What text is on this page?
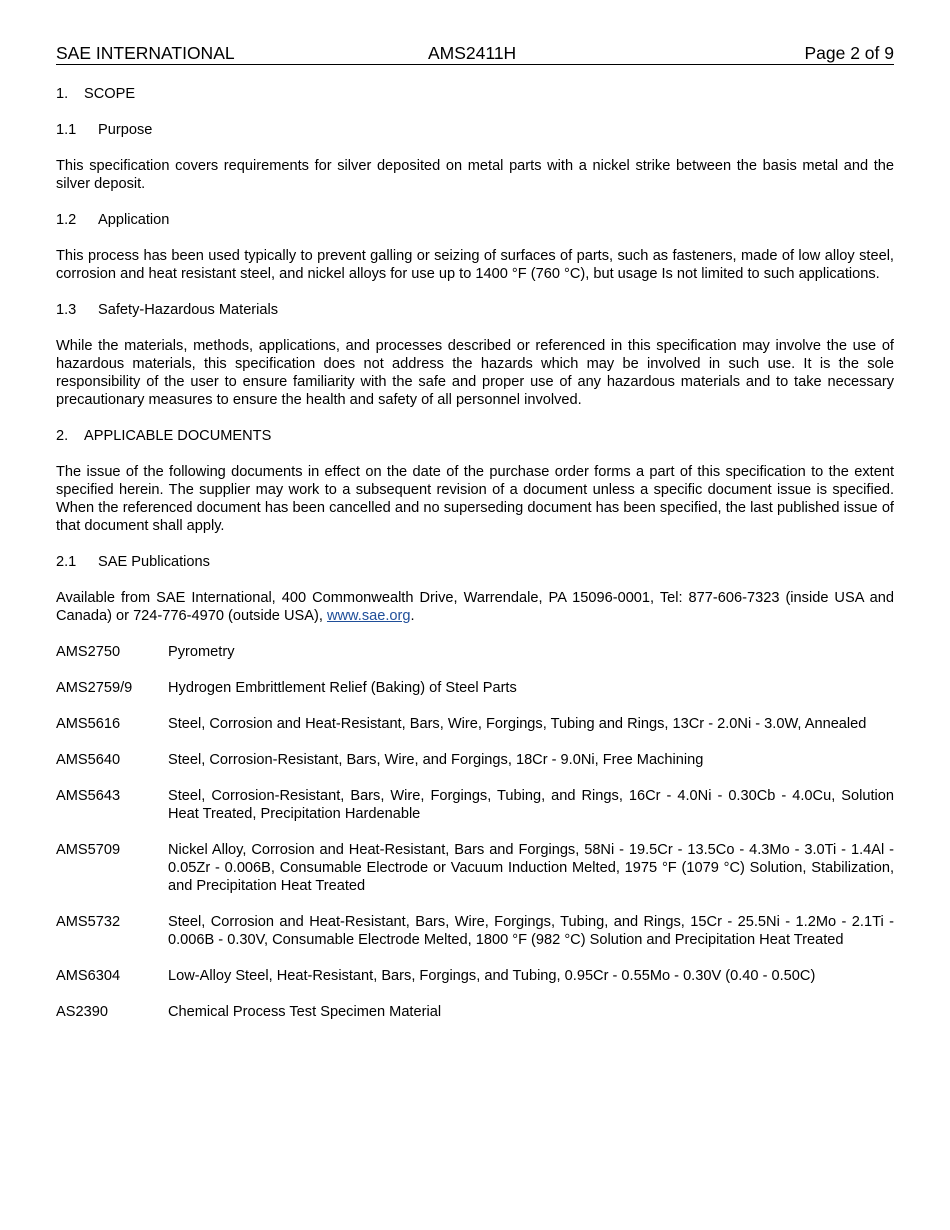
SAE INTERNATIONAL	AMS2411H	Page 2 of 9

1. SCOPE

1.1 Purpose

This specification covers requirements for silver deposited on metal parts with a nickel strike between the basis metal and the silver deposit.

1.2 Application

This process has been used typically to prevent galling or seizing of surfaces of parts, such as fasteners, made of low alloy steel, corrosion and heat resistant steel, and nickel alloys for use up to 1400 °F (760 °C), but usage Is not limited to such applications.

1.3 Safety-Hazardous Materials

While the materials, methods, applications, and processes described or referenced in this specification may involve the use of hazardous materials, this specification does not address the hazards which may be involved in such use. It is the sole responsibility of the user to ensure familiarity with the safe and proper use of any hazardous materials and to take necessary precautionary measures to ensure the health and safety of all personnel involved.

2. APPLICABLE DOCUMENTS

The issue of the following documents in effect on the date of the purchase order forms a part of this specification to the extent specified herein. The supplier may work to a subsequent revision of a document unless a specific document issue is specified. When the referenced document has been cancelled and no superseding document has been specified, the last published issue of that document shall apply.

2.1 SAE Publications

Available from SAE International, 400 Commonwealth Drive, Warrendale, PA 15096-0001, Tel: 877-606-7323 (inside USA and Canada) or 724-776-4970 (outside USA), www.sae.org.

AMS2750	Pyrometry
AMS2759/9	Hydrogen Embrittlement Relief (Baking) of Steel Parts
AMS5616	Steel, Corrosion and Heat-Resistant, Bars, Wire, Forgings, Tubing and Rings, 13Cr - 2.0Ni - 3.0W, Annealed
AMS5640	Steel, Corrosion-Resistant, Bars, Wire, and Forgings, 18Cr - 9.0Ni, Free Machining
AMS5643	Steel, Corrosion-Resistant, Bars, Wire, Forgings, Tubing, and Rings, 16Cr - 4.0Ni - 0.30Cb - 4.0Cu, Solution Heat Treated, Precipitation Hardenable
AMS5709	Nickel Alloy, Corrosion and Heat-Resistant, Bars and Forgings, 58Ni - 19.5Cr - 13.5Co - 4.3Mo - 3.0Ti - 1.4Al - 0.05Zr - 0.006B, Consumable Electrode or Vacuum Induction Melted, 1975 °F (1079 °C) Solution, Stabilization, and Precipitation Heat Treated
AMS5732	Steel, Corrosion and Heat-Resistant, Bars, Wire, Forgings, Tubing, and Rings, 15Cr - 25.5Ni - 1.2Mo - 2.1Ti - 0.006B - 0.30V, Consumable Electrode Melted, 1800 °F (982 °C) Solution and Precipitation Heat Treated
AMS6304	Low-Alloy Steel, Heat-Resistant, Bars, Forgings, and Tubing, 0.95Cr - 0.55Mo - 0.30V (0.40 - 0.50C)
AS2390	Chemical Process Test Specimen Material
